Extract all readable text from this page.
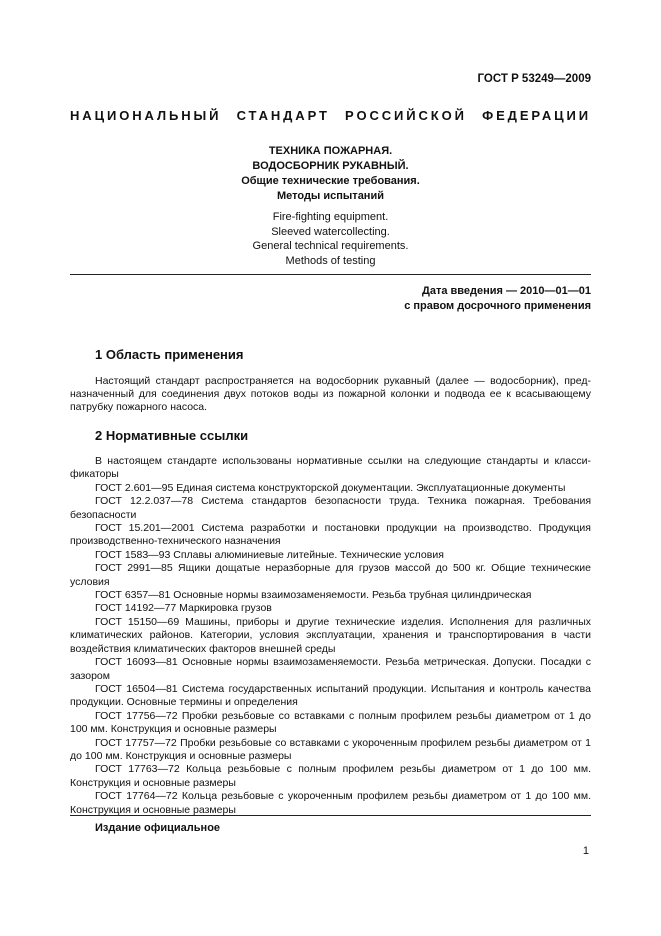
ГОСТ Р 53249—2009
НАЦИОНАЛЬНЫЙ СТАНДАРТ РОССИЙСКОЙ ФЕДЕРАЦИИ
ТЕХНИКА ПОЖАРНАЯ.
ВОДОСБОРНИК РУКАВНЫЙ.
Общие технические требования.
Методы испытаний
Fire-fighting equipment.
Sleeved watercollecting.
General technical requirements.
Methods of testing
Дата введения — 2010—01—01
с правом досрочного применения
1 Область применения
Настоящий стандарт распространяется на водосборник рукавный (далее — водосборник), пред-назначенный для соединения двух потоков воды из пожарной колонки и подвода ее к всасывающему патрубку пожарного насоса.
2 Нормативные ссылки

В настоящем стандарте использованы нормативные ссылки на следующие стандарты и класси-фикаторы

ГОСТ 2.601—95 Единая система конструкторской документации. Эксплуатационные документы

ГОСТ 12.2.037—78 Система стандартов безопасности труда. Техника пожарная. Требования безопасности

ГОСТ 15.201—2001 Система разработки и постановки продукции на производство. Продукция производственно-технического назначения

ГОСТ 1583—93 Сплавы алюминиевые литейные. Технические условия

ГОСТ 2991—85 Ящики дощатые неразборные для грузов массой до 500 кг. Общие технические условия

ГОСТ 6357—81 Основные нормы взаимозаменяемости. Резьба трубная цилиндрическая

ГОСТ 14192—77 Маркировка грузов

ГОСТ 15150—69 Машины, приборы и другие технические изделия. Исполнения для различных климатических районов. Категории, условия эксплуатации, хранения и транспортирования в части воздействия климатических факторов внешней среды

ГОСТ 16093—81 Основные нормы взаимозаменяемости. Резьба метрическая. Допуски. Посадки с зазором

ГОСТ 16504—81 Система государственных испытаний продукции. Испытания и контроль качества продукции. Основные термины и определения

ГОСТ 17756—72 Пробки резьбовые со вставками с полным профилем резьбы диаметром от 1 до 100 мм. Конструкция и основные размеры

ГОСТ 17757—72 Пробки резьбовые со вставками с укороченным профилем резьбы диаметром от 1 до 100 мм. Конструкция и основные размеры

ГОСТ 17763—72 Кольца резьбовые с полным профилем резьбы диаметром от 1 до 100 мм. Конструкция и основные размеры

ГОСТ 17764—72 Кольца резьбовые с укороченным профилем резьбы диаметром от 1 до 100 мм. Конструкция и основные размеры

Издание официальное
1
